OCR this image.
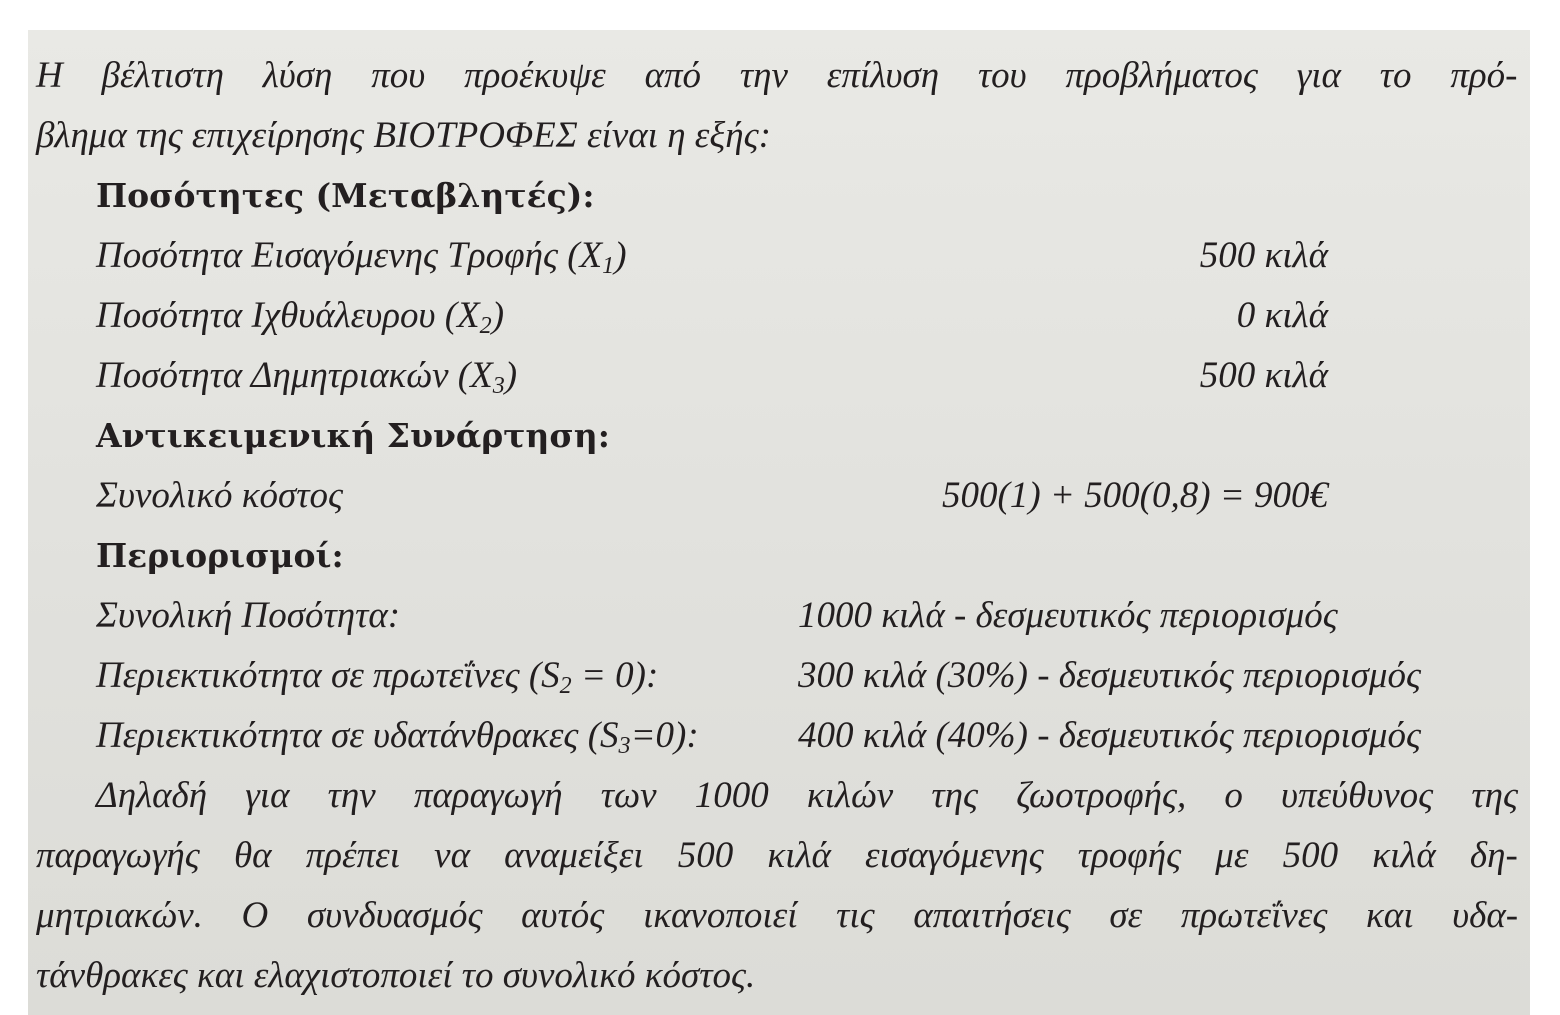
Η βέλτιστη λύση που προέκυψε από την επίλυση του προβλήματος για το πρό-
βλημα της επιχείρησης ΒΙΟΤΡΟΦΕΣ είναι η εξής:
Ποσότητες (Μεταβλητές):
Ποσότητα Εισαγόμενης Τροφής $(X_1)$	500 κιλά
Ποσότητα Ιχθυάλευρου $(X_2)$	0 κιλά
Ποσότητα Δημητριακών $(X_3)$	500 κιλά
Αντικειμενική Συνάρτηση:
Συνολικό κόστος	500(1) + 500(0,8) = 900€
Περιορισμοί:
Συνολική Ποσότητα:	1000 κιλά - δεσμευτικός περιορισμός
Περιεκτικότητα σε πρωτεΐνες $(S_2 = 0)$:	300 κιλά (30%) - δεσμευτικός περιορισμός
Περιεκτικότητα σε υδατάνθρακες $(S_3=0)$:	400 κιλά (40%) - δεσμευτικός περιορισμός
Δηλαδή για την παραγωγή των 1000 κιλών της ζωοτροφής, ο υπεύθυνος της
παραγωγής θα πρέπει να αναμείξει 500 κιλά εισαγόμενης τροφής με 500 κιλά δη-
μητριακών. Ο συνδυασμός αυτός ικανοποιεί τις απαιτήσεις σε πρωτεΐνες και υδα-
τάνθρακες και ελαχιστοποιεί το συνολικό κόστος.
